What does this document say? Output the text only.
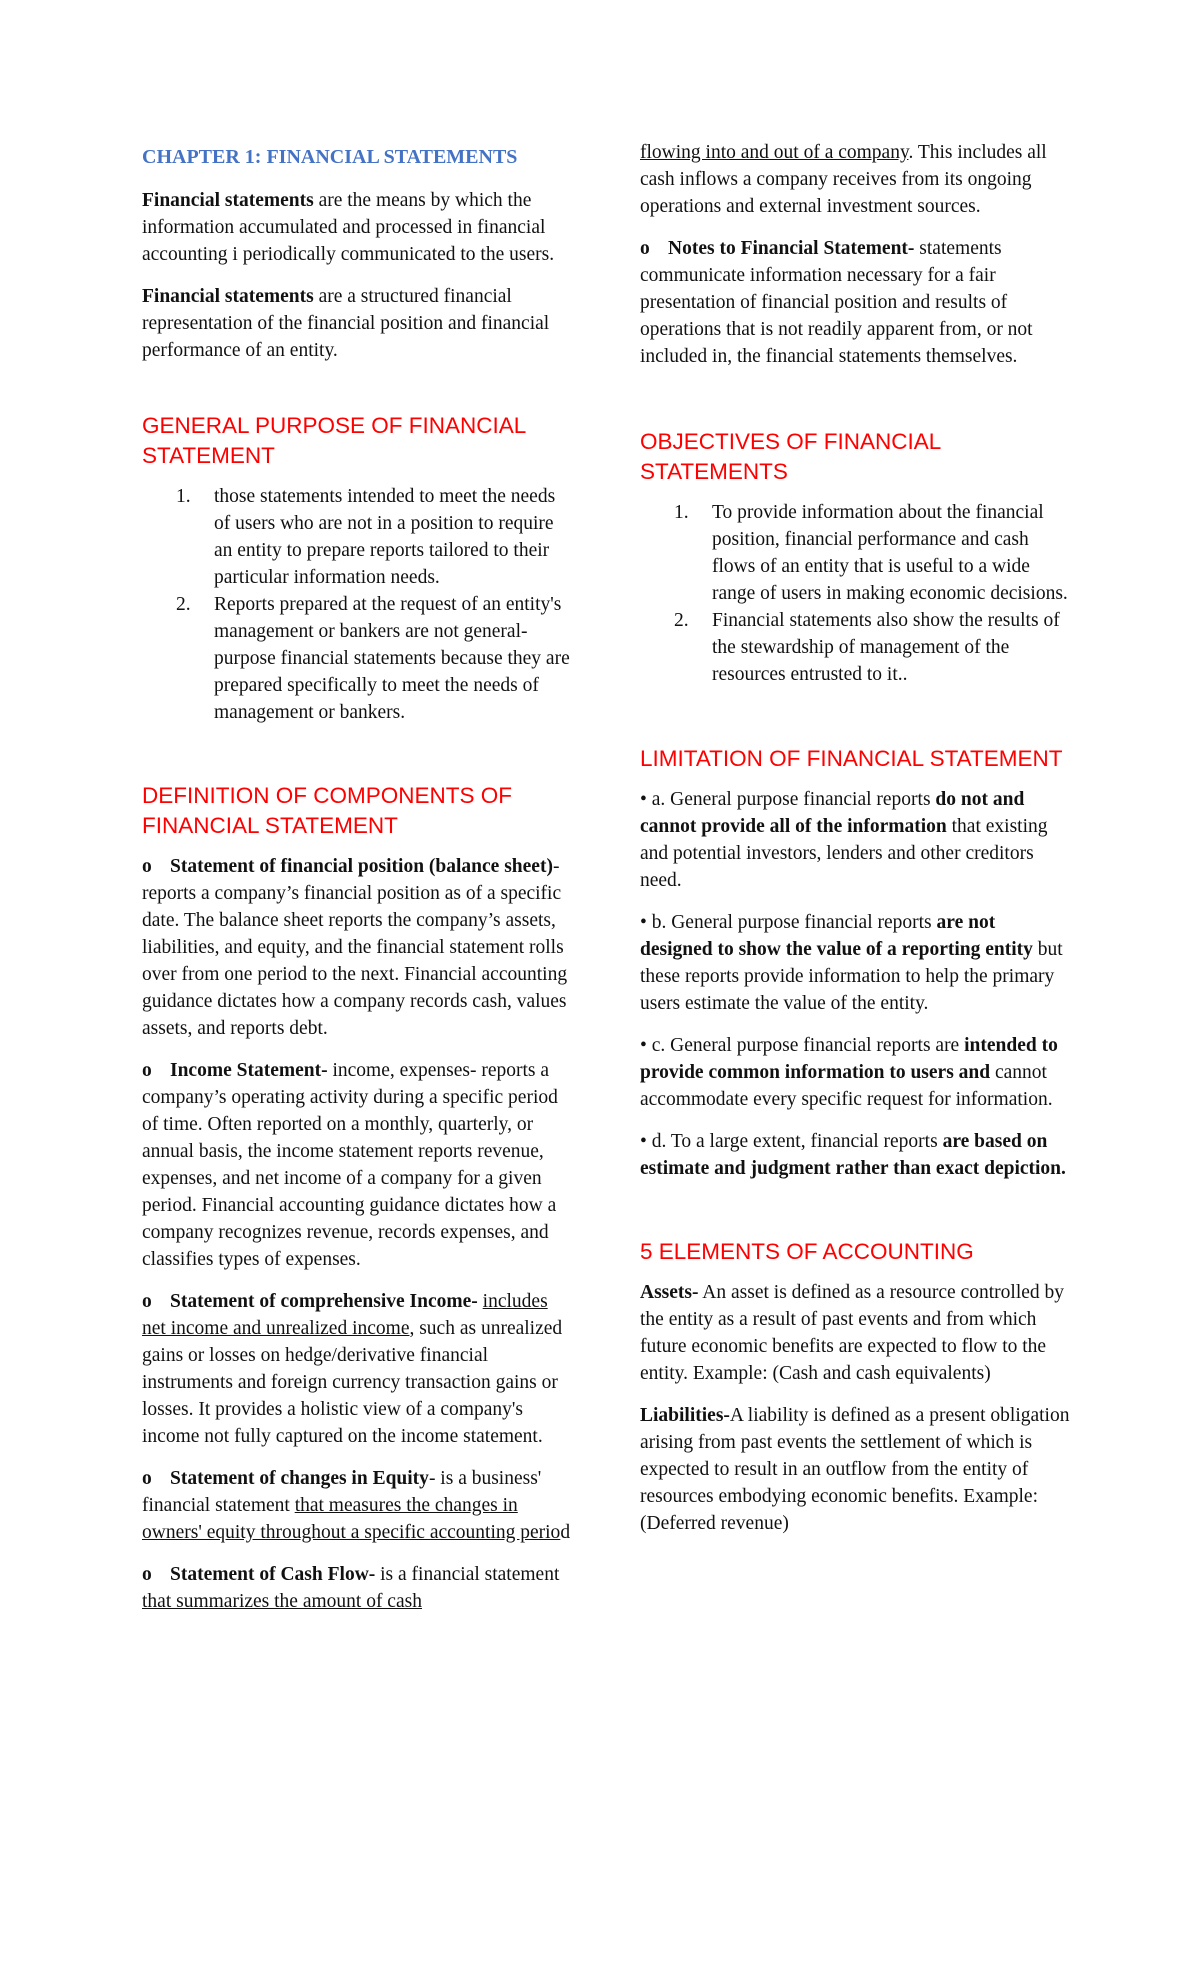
CHAPTER 1: FINANCIAL STATEMENTS

Financial statements are the means by which the information accumulated and processed in financial accounting i periodically communicated to the users.

Financial statements are a structured financial representation of the financial position and financial performance of an entity.

GENERAL PURPOSE OF FINANCIAL STATEMENT
1. those statements intended to meet the needs of users who are not in a position to require an entity to prepare reports tailored to their particular information needs.
2. Reports prepared at the request of an entity's management or bankers are not general-purpose financial statements because they are prepared specifically to meet the needs of management or bankers.
DEFINITION OF COMPONENTS OF FINANCIAL STATEMENT

o Statement of financial position (balance sheet)- reports a company’s financial position as of a specific date. The balance sheet reports the company’s assets, liabilities, and equity, and the financial statement rolls over from one period to the next. Financial accounting guidance dictates how a company records cash, values assets, and reports debt.

o Income Statement- income, expenses- reports a company’s operating activity during a specific period of time. Often reported on a monthly, quarterly, or annual basis, the income statement reports revenue, expenses, and net income of a company for a given period. Financial accounting guidance dictates how a company recognizes revenue, records expenses, and classifies types of expenses.

o Statement of comprehensive Income- includes net income and unrealized income, such as unrealized gains or losses on hedge/derivative financial instruments and foreign currency transaction gains or losses. It provides a holistic view of a company's income not fully captured on the income statement.

o Statement of changes in Equity- is a business' financial statement that measures the changes in owners' equity throughout a specific accounting period

o Statement of Cash Flow- is a financial statement that summarizes the amount of cash

flowing into and out of a company. This includes all cash inflows a company receives from its ongoing operations and external investment sources.

o Notes to Financial Statement- statements communicate information necessary for a fair presentation of financial position and results of operations that is not readily apparent from, or not included in, the financial statements themselves.

OBJECTIVES OF FINANCIAL STATEMENTS
1. To provide information about the financial position, financial performance and cash flows of an entity that is useful to a wide range of users in making economic decisions.
2. Financial statements also show the results of the stewardship of management of the resources entrusted to it..
LIMITATION OF FINANCIAL STATEMENT

• a. General purpose financial reports do not and cannot provide all of the information that existing and potential investors, lenders and other creditors need.

• b. General purpose financial reports are not designed to show the value of a reporting entity but these reports provide information to help the primary users estimate the value of the entity.

• c. General purpose financial reports are intended to provide common information to users and cannot accommodate every specific request for information.

• d. To a large extent, financial reports are based on estimate and judgment rather than exact depiction.

5 ELEMENTS OF ACCOUNTING

Assets- An asset is defined as a resource controlled by the entity as a result of past events and from which future economic benefits are expected to flow to the entity. Example: (Cash and cash equivalents)

Liabilities-A liability is defined as a present obligation arising from past events the settlement of which is expected to result in an outflow from the entity of resources embodying economic benefits. Example: (Deferred revenue)
